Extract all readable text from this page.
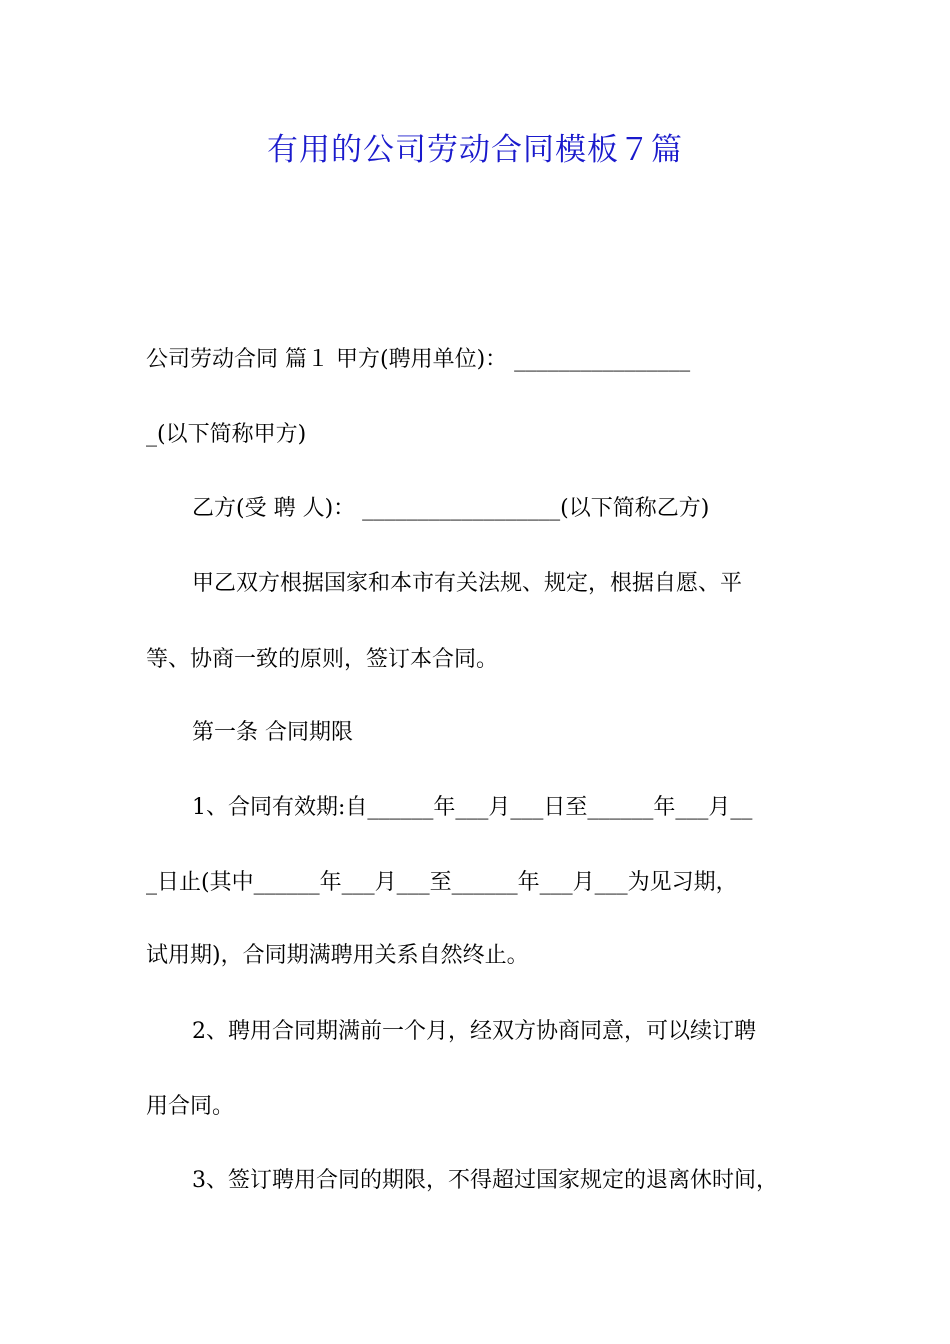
有用的公司劳动合同模板７篇
公司劳动合同 篇１ 甲方(聘用单位)： ________________
_(以下简称甲方)
乙方(受 聘 人)： __________________(以下简称乙方)
甲乙双方根据国家和本市有关法规、规定，根据自愿、平
等、协商一致的原则，签订本合同。
第一条 合同期限
1、合同有效期:自______年___月___日至______年___月__
_日止(其中______年___月___至______年___月___为见习期，
试用期)，合同期满聘用关系自然终止。
2、聘用合同期满前一个月，经双方协商同意，可以续订聘
用合同。
3、签订聘用合同的期限，不得超过国家规定的退离休时间，
